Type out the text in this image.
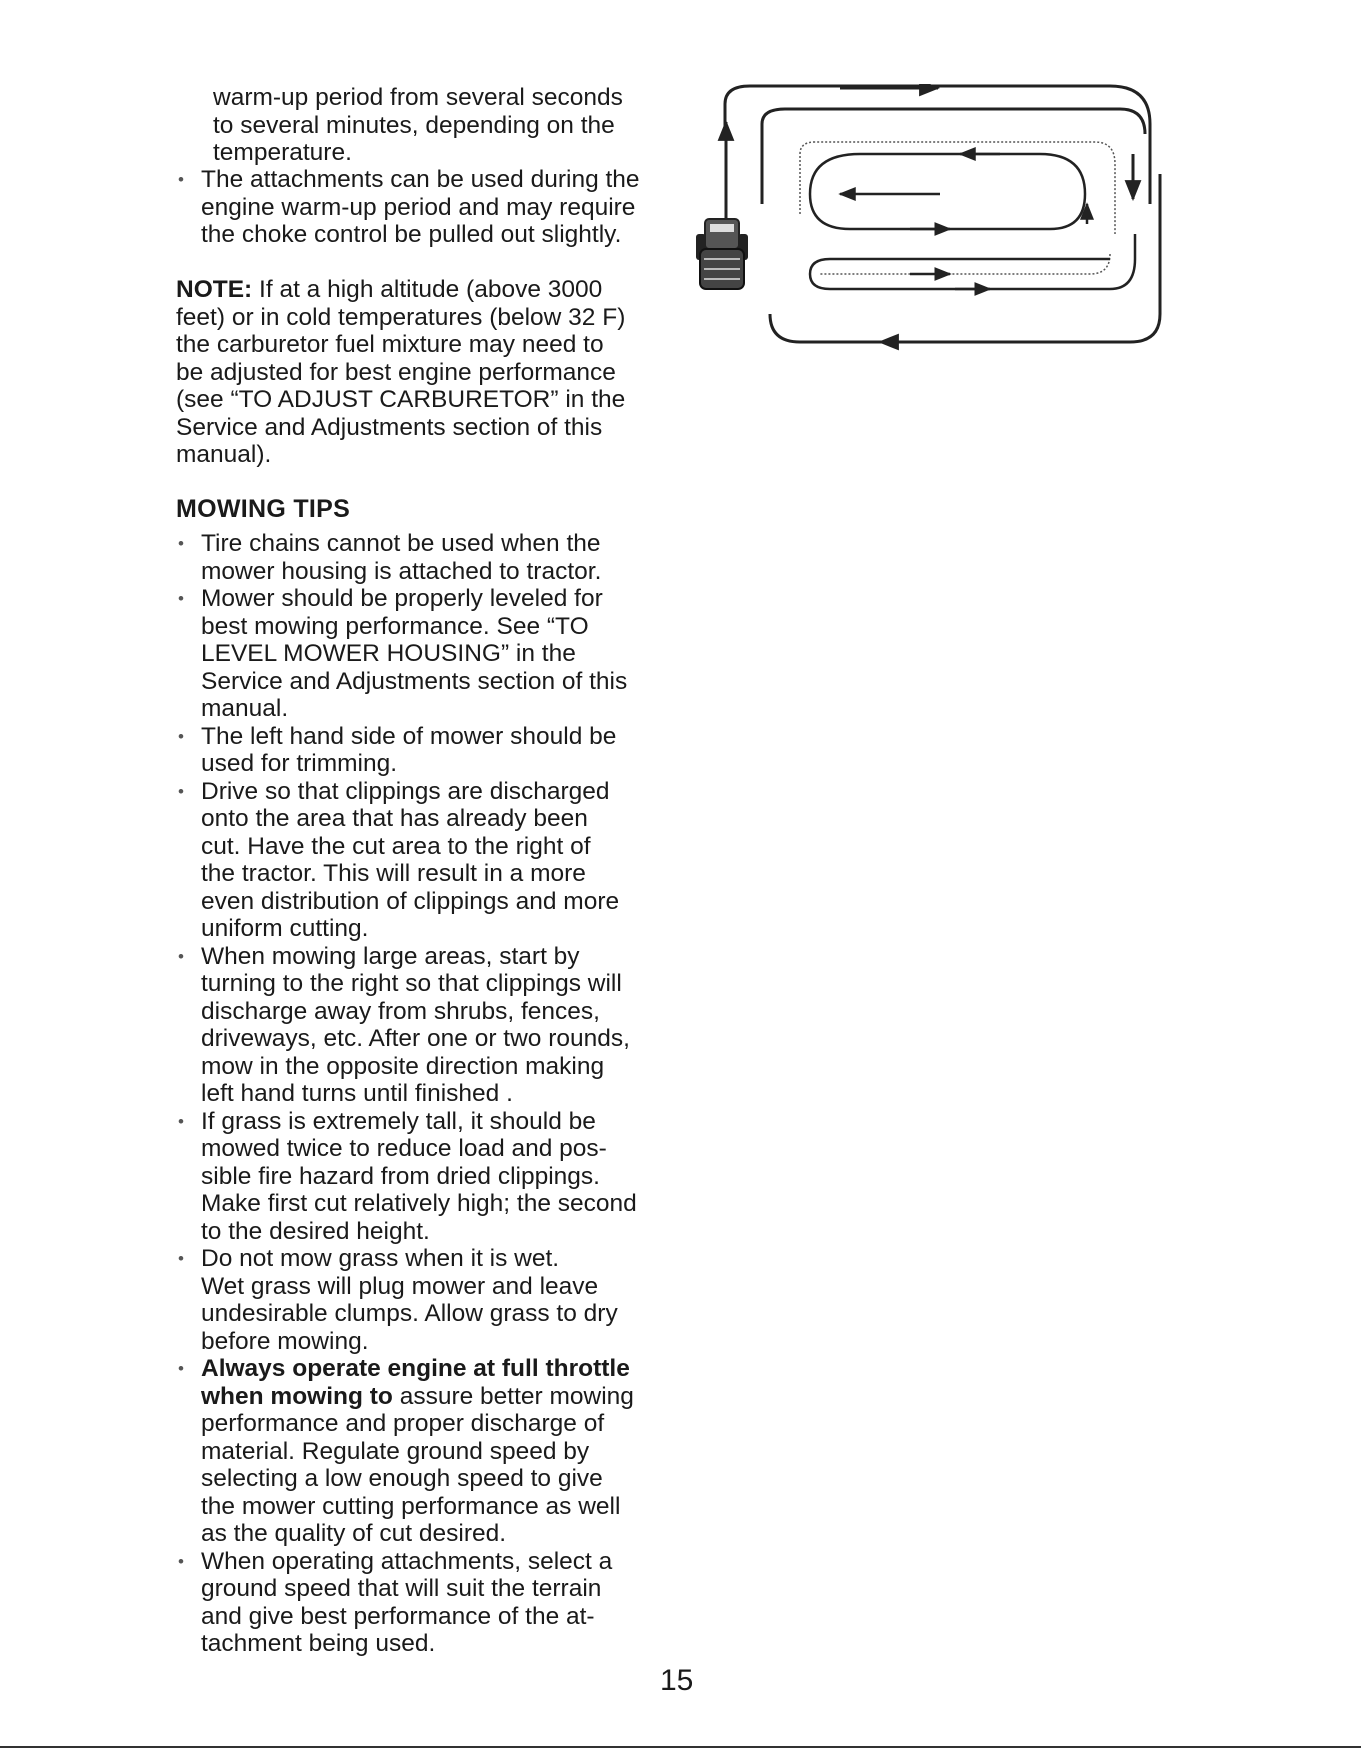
warm-up period from several seconds
to several minutes, depending on the
temperature.
• The attachments can be used during the
engine warm-up period and may require
the choke control be pulled out slightly.
NOTE: If at a high altitude (above 3000
feet) or in cold temperatures (below 32 F)
the carburetor fuel mixture may need to
be adjusted for best engine performance
(see “TO ADJUST CARBURETOR” in the
Service and Adjustments section of this
manual).
MOWING TIPS
• Tire chains cannot be used when the
mower housing is attached to tractor.
• Mower should be properly leveled for
best mowing performance. See “TO
LEVEL MOWER HOUSING” in the
Service and Adjustments section of this
manual.
• The left hand side of mower should be
used for trimming.
• Drive so that clippings are discharged
onto the area that has already been
cut. Have the cut area to the right of
the tractor. This will result in a more
even distribution of clippings and more
uniform cutting.
• When mowing large areas, start by
turning to the right so that clippings will
discharge away from shrubs, fences,
driveways, etc. After one or two rounds,
mow in the opposite direction making
left hand turns until finished .
• If grass is extremely tall, it should be
mowed twice to reduce load and pos-
sible fire hazard from dried clippings.
Make first cut relatively high; the second
to the desired height.
• Do not mow grass when it is wet.
Wet grass will plug mower and leave
undesirable clumps. Allow grass to dry
before mowing.
• Always operate engine at full throttle
when mowing to assure better mowing
performance and proper discharge of
material. Regulate ground speed by
selecting a low enough speed to give
the mower cutting performance as well
as the quality of cut desired.
• When operating attachments, select a
ground speed that will suit the terrain
and give best performance of the at-
tachment being used.
15
